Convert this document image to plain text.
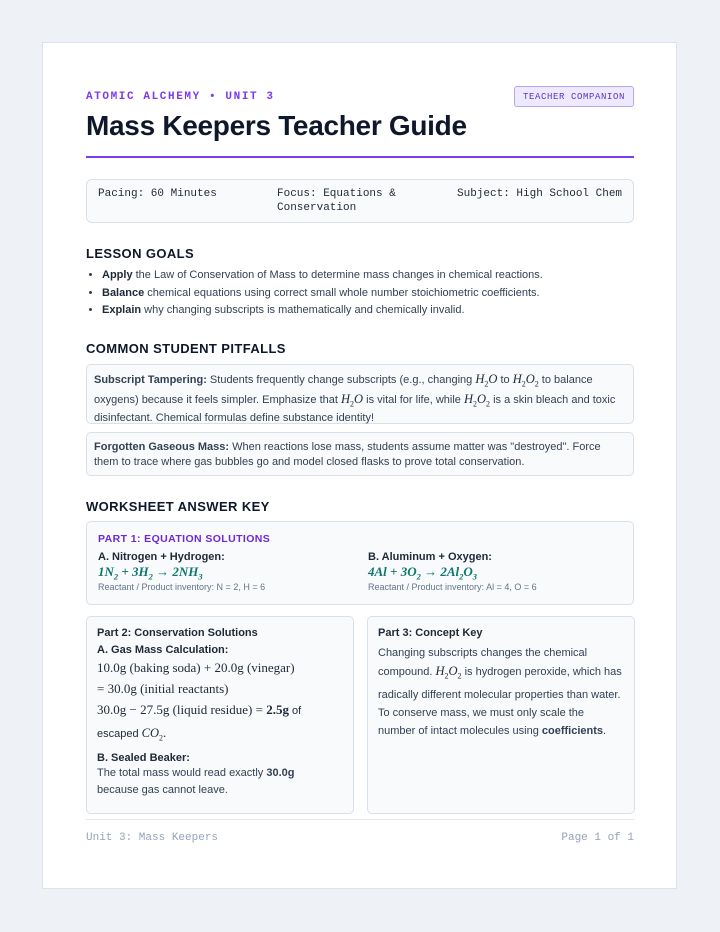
ATOMIC ALCHEMY • UNIT 3	TEACHER COMPANION
Mass Keepers Teacher Guide
Pacing: 60 Minutes	Focus: Equations & Conservation
Subject: High School Chem
LESSON GOALS
• Apply the Law of Conservation of Mass to determine mass changes in chemical reactions.
• Balance chemical equations using correct small whole number stoichiometric coefficients.
• Explain why changing subscripts is mathematically and chemically invalid.
COMMON STUDENT PITFALLS
Subscript Tampering: Students frequently change subscripts (e.g., changing $H_2O$ to $H_2O_2$ to balance oxygens) because it feels simpler. Emphasize that $H_2O$ is vital for life, while $H_2O_2$ is a skin bleach and toxic disinfectant. Chemical formulas define substance identity!
Forgotten Gaseous Mass: When reactions lose mass, students assume matter was "destroyed". Force them to trace where gas bubbles go and model closed flasks to prove total conservation.
WORKSHEET ANSWER KEY
PART 1: EQUATION SOLUTIONS
A. Nitrogen + Hydrogen:
$1N_2 + 3H_2 \to 2NH_3$
Reactant / Product inventory: N = 2, H = 6
B. Aluminum + Oxygen:
$4Al + 3O_2 \to 2Al_2O_3$
Reactant / Product inventory: Al = 4, O = 6
Part 2: Conservation Solutions
A. Gas Mass Calculation:
10.0g (baking soda) + 20.0g (vinegar)
= 30.0g (initial reactants)
30.0g − 27.5g (liquid residue) = 2.5g of
escaped $CO_2$.
B. Sealed Beaker:
The total mass would read exactly 30.0g
because gas cannot leave.
Part 3: Concept Key
Changing subscripts changes the chemical compound. $H_2O_2$ is hydrogen peroxide, which has radically different molecular properties than water. To conserve mass, we must only scale the number of intact molecules using coefficients.
Unit 3: Mass Keepers	Page 1 of 1
